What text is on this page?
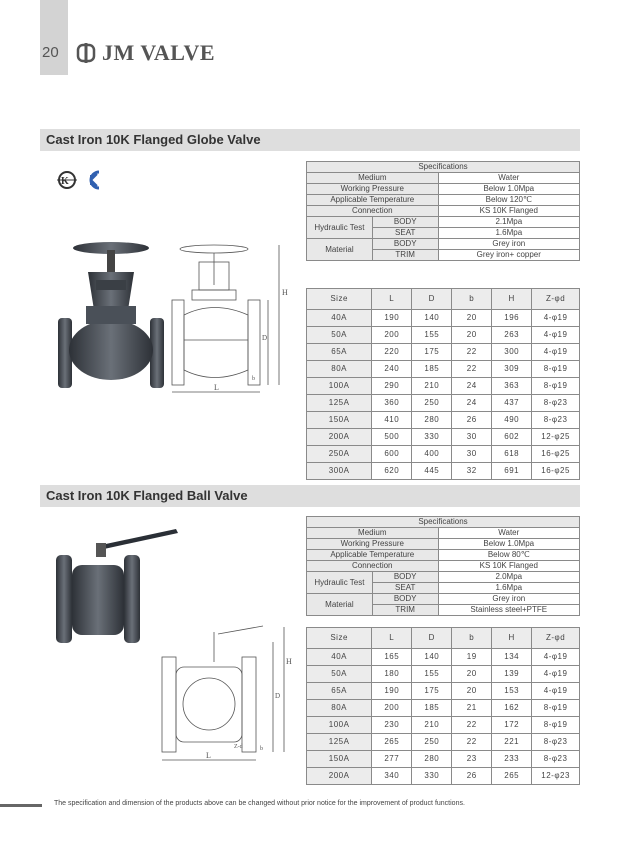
20	JM VALVE
Cast Iron 10K Flanged Globe Valve
K
H
L
D
b
Specifications		
Medium		Water
Working Pressure		Below 1.0Mpa
Applicable Temperature		Below 120℃
Connection		KS 10K Flanged
Hydraulic Test	BODY	2.1Mpa
	SEAT	1.6Mpa
Material	BODY	Grey iron
	TRIM	Grey iron+ copper
Size	L	D	b	H	Z-φd
40A	190	140	20	196	4-φ19
50A	200	155	20	263	4-φ19
65A	220	175	22	300	4-φ19
80A	240	185	22	309	8-φ19
100A	290	210	24	363	8-φ19
125A	360	250	24	437	8-φ23
150A	410	280	26	490	8-φ23
200A	500	330	30	602	12-φ25
250A	600	400	30	618	16-φ25
300A	620	445	32	691	16-φ25
Cast Iron 10K Flanged Ball Valve
H
L
D
b
Z-d
Specifications		
Medium		Water
Working Pressure		Below 1.0Mpa
Applicable Temperature		Below 80℃
Connection		KS 10K Flanged
Hydraulic Test	BODY	2.0Mpa
	SEAT	1.6Mpa
Material	BODY	Grey iron
	TRIM	Stainless steel+PTFE
Size	L	D	b	H	Z-φd
40A	165	140	19	134	4-φ19
50A	180	155	20	139	4-φ19
65A	190	175	20	153	4-φ19
80A	200	185	21	162	8-φ19
100A	230	210	22	172	8-φ19
125A	265	250	22	221	8-φ23
150A	277	280	23	233	8-φ23
200A	340	330	26	265	12-φ23
The specification and dimension of the products above can be changed without prior notice for the improvement of product functions.
